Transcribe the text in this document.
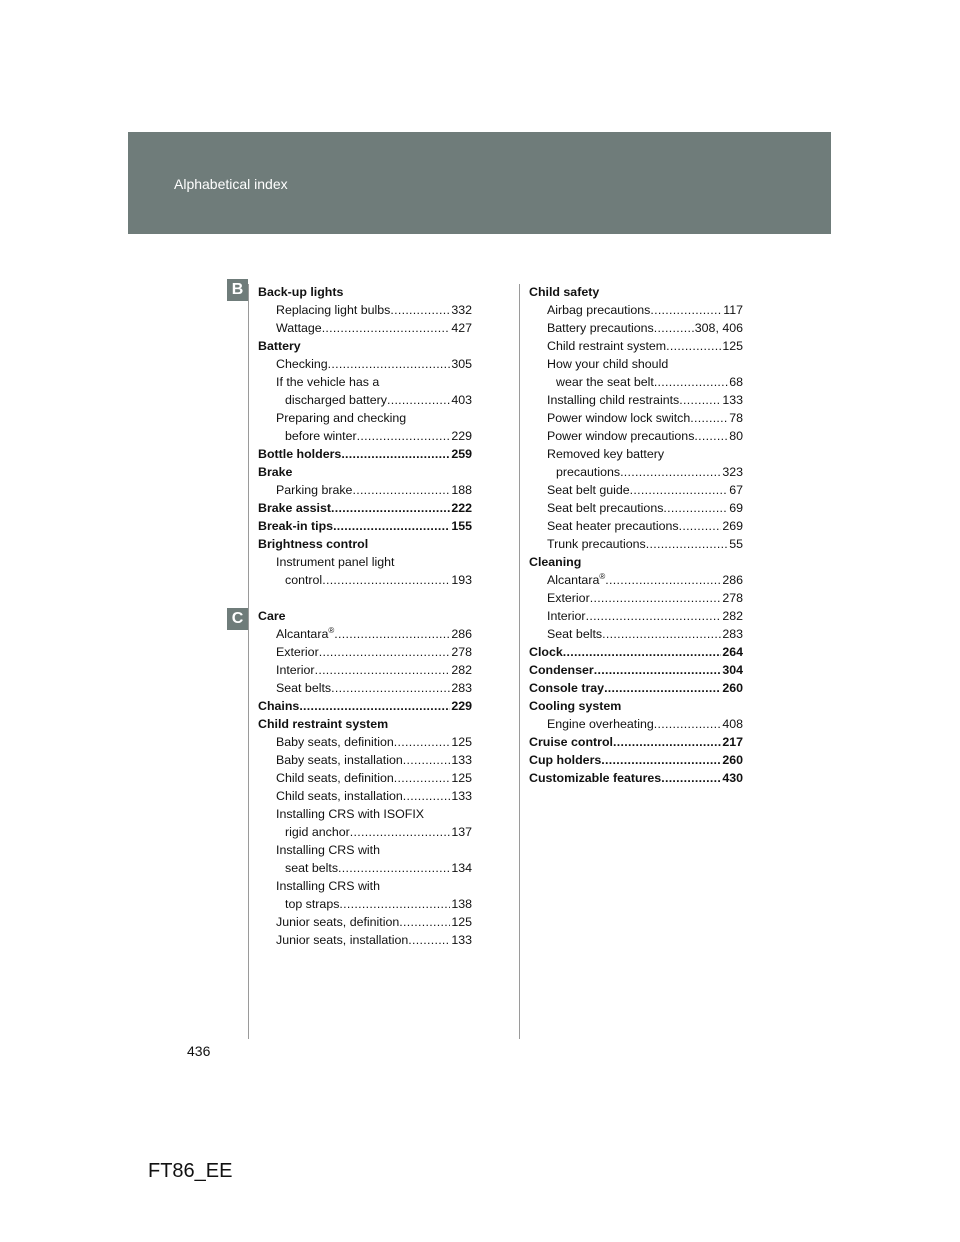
Alphabetical index
B
C
Back-up lights
Replacing light bulbs .....	332
Wattage .....	427
Battery
Checking .....	305
If the vehicle has a
discharged battery .....	403
Preparing and checking
before winter .....	229
Bottle holders .....	259
Brake
Parking brake .....	188
Brake assist .....	222
Break-in tips .....	155
Brightness control
Instrument panel light
control .....	193
Care
Alcantara® .....	286
Exterior .....	278
Interior .....	282
Seat belts .....	283
Chains .....	229
Child restraint system
Baby seats, definition .....	125
Baby seats, installation .....	133
Child seats, definition .....	125
Child seats, installation .....	133
Installing CRS with ISOFIX
rigid anchor .....	137
Installing CRS with
seat belts .....	134
Installing CRS with
top straps .....	138
Junior seats, definition .....	125
Junior seats, installation .....	133
Child safety
Airbag precautions .....	117
Battery precautions .....	308, 406
Child restraint system .....	125
How your child should
wear the seat belt .....	68
Installing child restraints .....	133
Power window lock switch .....	78
Power window precautions .....	80
Removed key battery
precautions .....	323
Seat belt guide .....	67
Seat belt precautions .....	69
Seat heater precautions .....	269
Trunk precautions .....	55
Cleaning
Alcantara® .....	286
Exterior .....	278
Interior .....	282
Seat belts .....	283
Clock .....	264
Condenser .....	304
Console tray .....	260
Cooling system
Engine overheating .....	408
Cruise control .....	217
Cup holders .....	260
Customizable features .....	430
436
FT86_EE
